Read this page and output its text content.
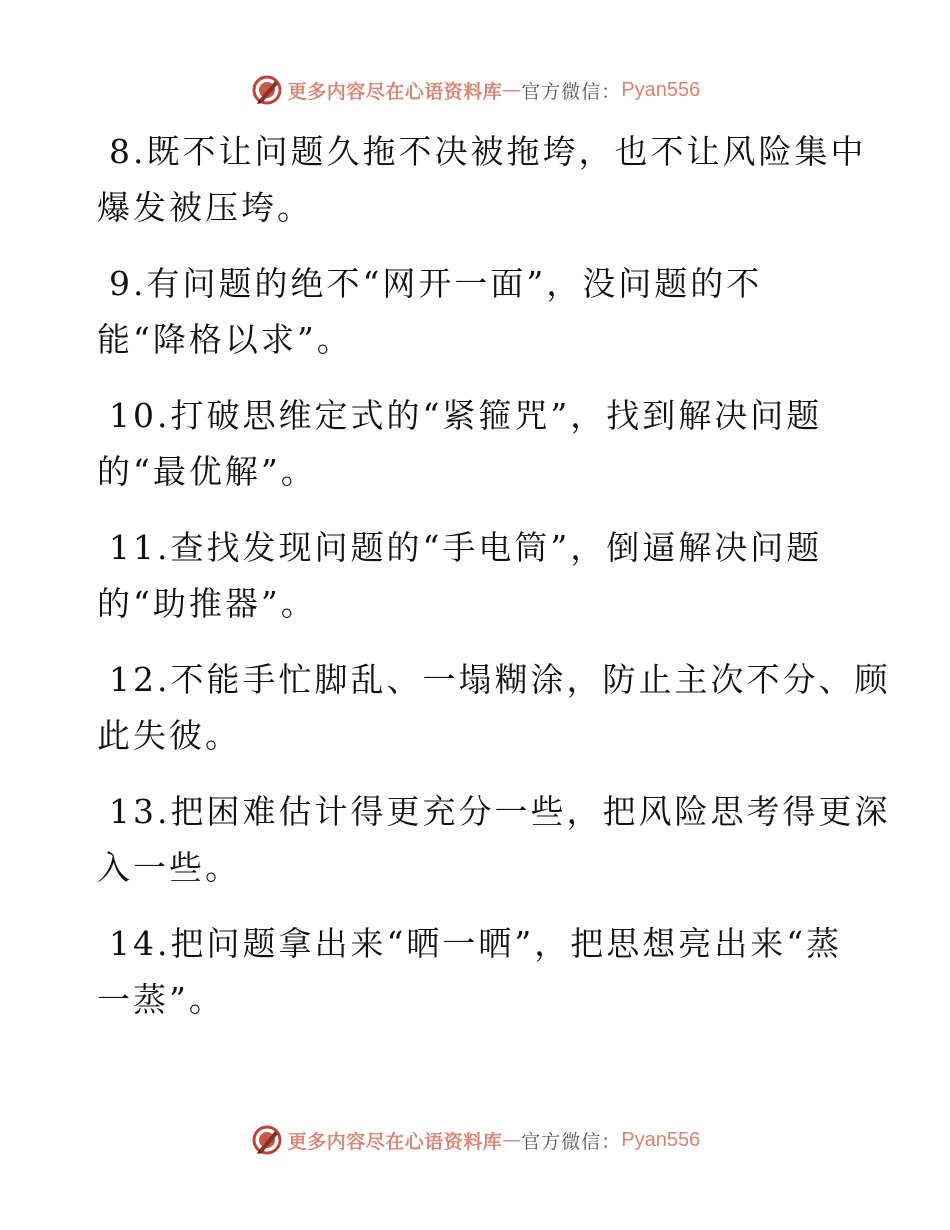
更多内容尽在心语资料库 — 官方微信： Pyan556

8.既不让问题久拖不决被拖垮，也不让风险集中
爆发被压垮。

9.有问题的绝不“网开一面”，没问题的不
能“降格以求”。

10.打破思维定式的“紧箍咒”，找到解决问题
的“最优解”。

11.查找发现问题的“手电筒”，倒逼解决问题
的“助推器”。

12.不能手忙脚乱、一塌糊涂，防止主次不分、顾
此失彼。

13.把困难估计得更充分一些，把风险思考得更深
入一些。

14.把问题拿出来“晒一晒”，把思想亮出来“蒸
一蒸”。

更多内容尽在心语资料库 — 官方微信： Pyan556
